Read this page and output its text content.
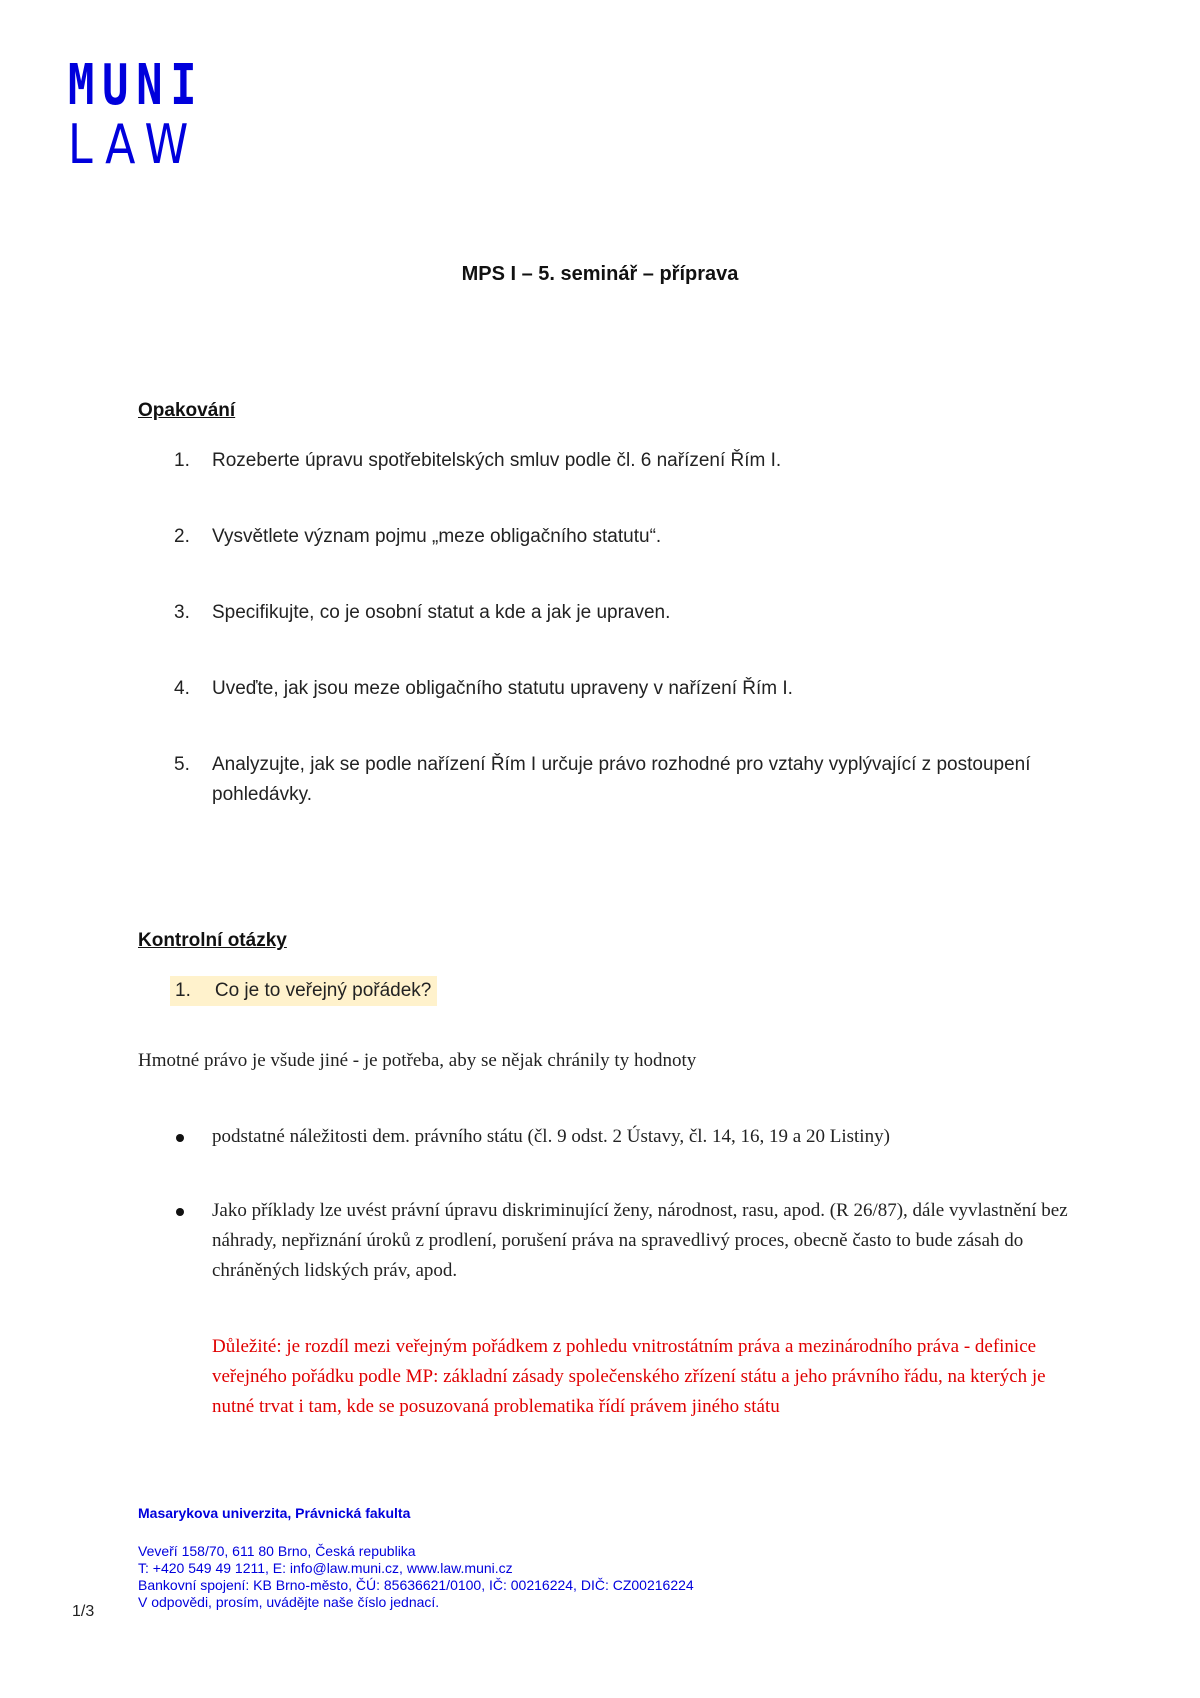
MUNI
LAW
MPS I – 5. seminář – příprava
Opakování
1. Rozeberte úpravu spotřebitelských smluv podle čl. 6 nařízení Řím I.
2. Vysvětlete význam pojmu „meze obligačního statutu“.
3. Specifikujte, co je osobní statut a kde a jak je upraven.
4. Uveďte, jak jsou meze obligačního statutu upraveny v nařízení Řím I.
5. Analyzujte, jak se podle nařízení Řím I určuje právo rozhodné pro vztahy vyplývající z postoupení pohledávky.
Kontrolní otázky
1. Co je to veřejný pořádek?
Hmotné právo je všude jiné - je potřeba, aby se nějak chránily ty hodnoty
podstatné náležitosti dem. právního státu (čl. 9 odst. 2 Ústavy, čl. 14, 16, 19 a 20 Listiny)
Jako příklady lze uvést právní úpravu diskriminující ženy, národnost, rasu, apod. (R 26/87), dále vyvlastnění bez náhrady, nepřiznání úroků z prodlení, porušení práva na spravedlivý proces, obecně často to bude zásah do chráněných lidských práv, apod.
Důležité: je rozdíl mezi veřejným pořádkem z pohledu vnitrostátním práva a mezinárodního práva - definice veřejného pořádku podle MP: základní zásady společenského zřízení státu a jeho právního řádu, na kterých je nutné trvat i tam, kde se posuzovaná problematika řídí právem jiného státu
Masarykova univerzita, Právnická fakulta
Veveří 158/70, 611 80 Brno, Česká republika
T: +420 549 49 1211, E: info@law.muni.cz, www.law.muni.cz
Bankovní spojení: KB Brno-město, ČÚ: 85636621/0100, IČ: 00216224, DIČ: CZ00216224
V odpovědi, prosím, uvádějte naše číslo jednací.
1/3
